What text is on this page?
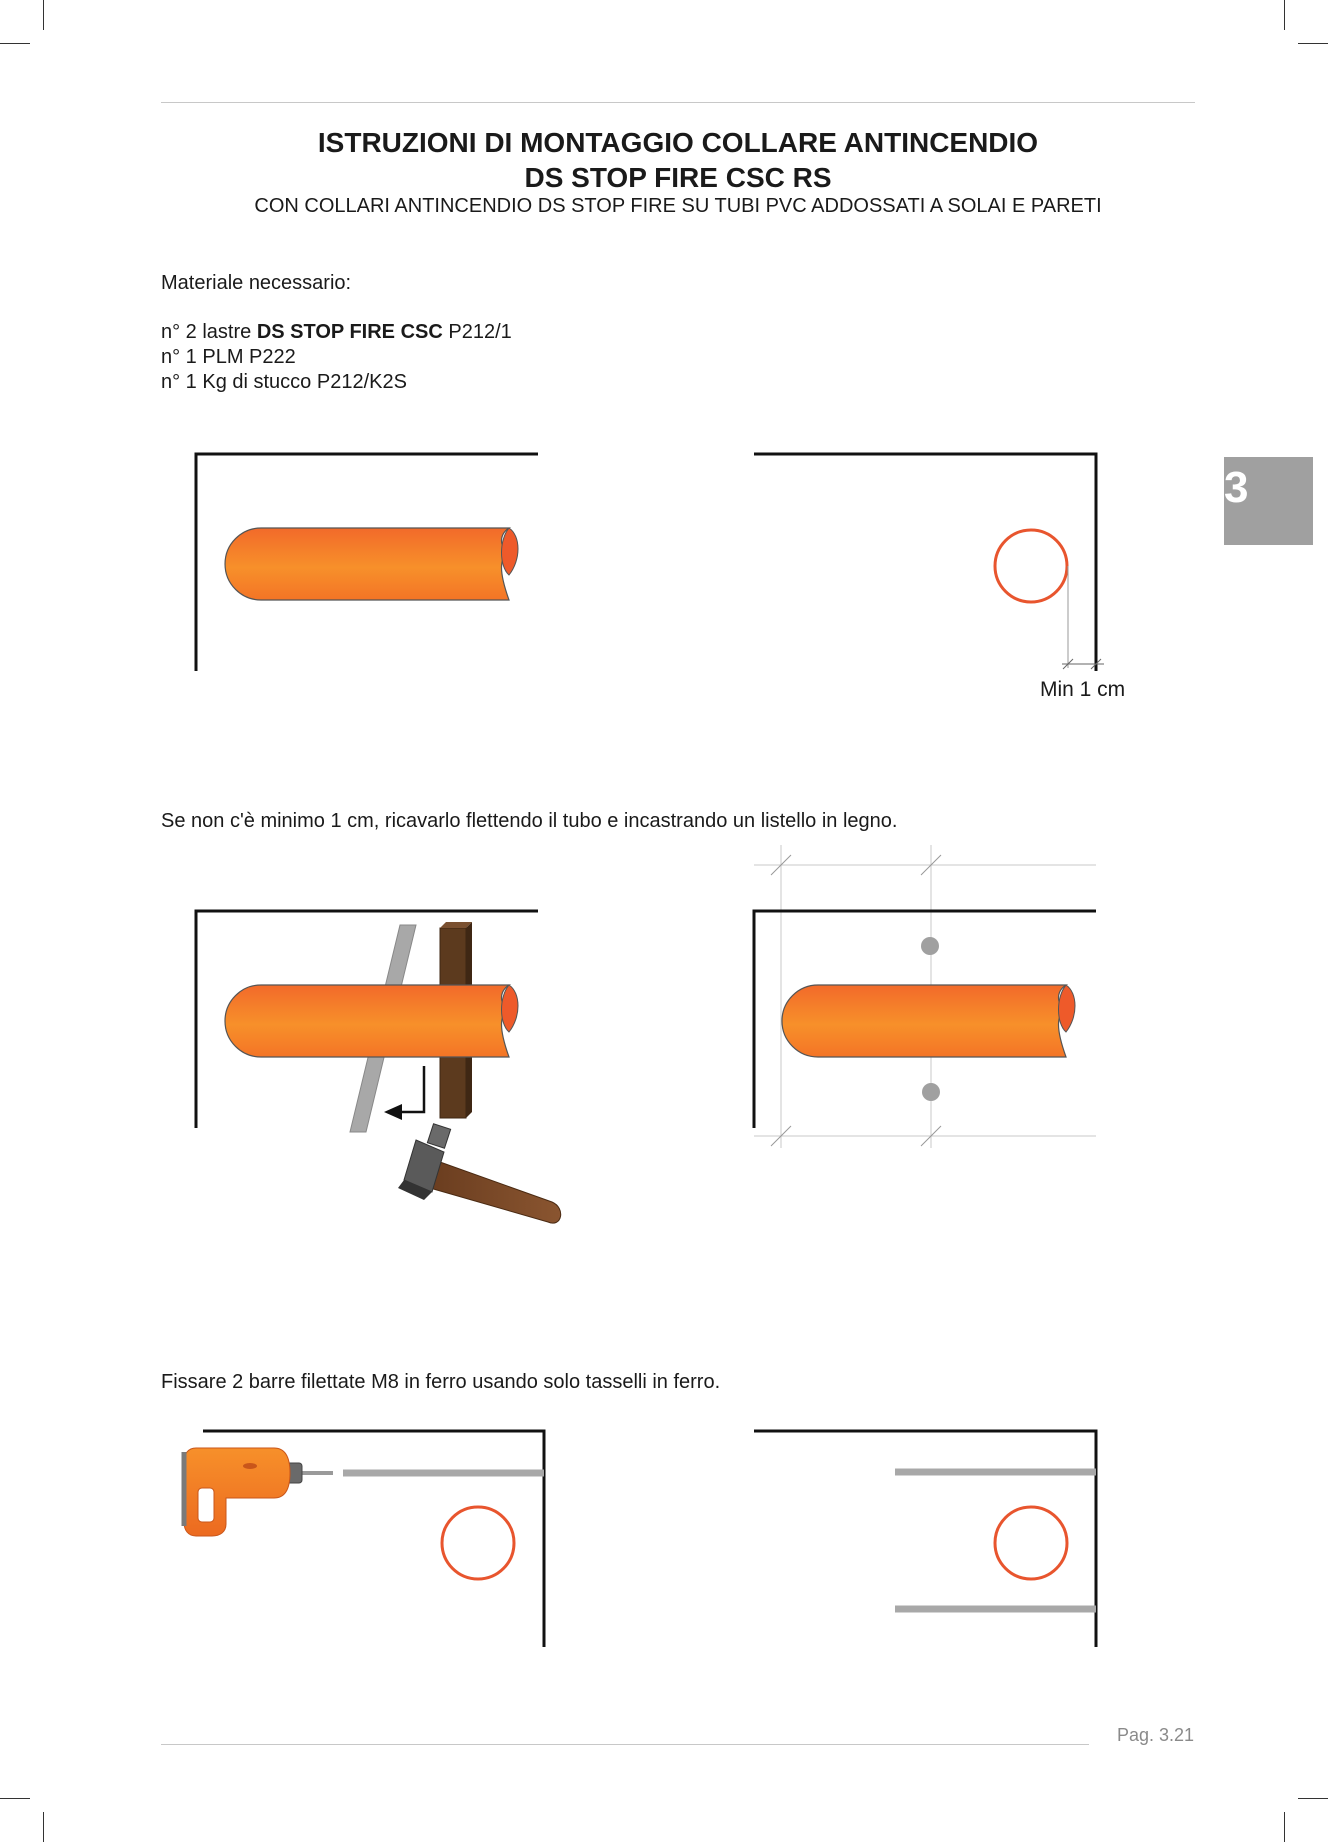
ISTRUZIONI DI MONTAGGIO COLLARE ANTINCENDIO
DS STOP FIRE CSC RS
CON COLLARI ANTINCENDIO DS STOP FIRE SU TUBI PVC ADDOSSATI A SOLAI E PARETI
Materiale necessario:
n° 2 lastre DS STOP FIRE CSC P212/1
n° 1 PLM P222
n° 1 Kg di stucco P212/K2S
3
Min 1 cm
Se non c'è minimo 1 cm, ricavarlo flettendo il tubo e incastrando un listello in legno.
Fissare 2 barre filettate M8 in ferro usando solo tasselli in ferro.
Pag. 3.21
